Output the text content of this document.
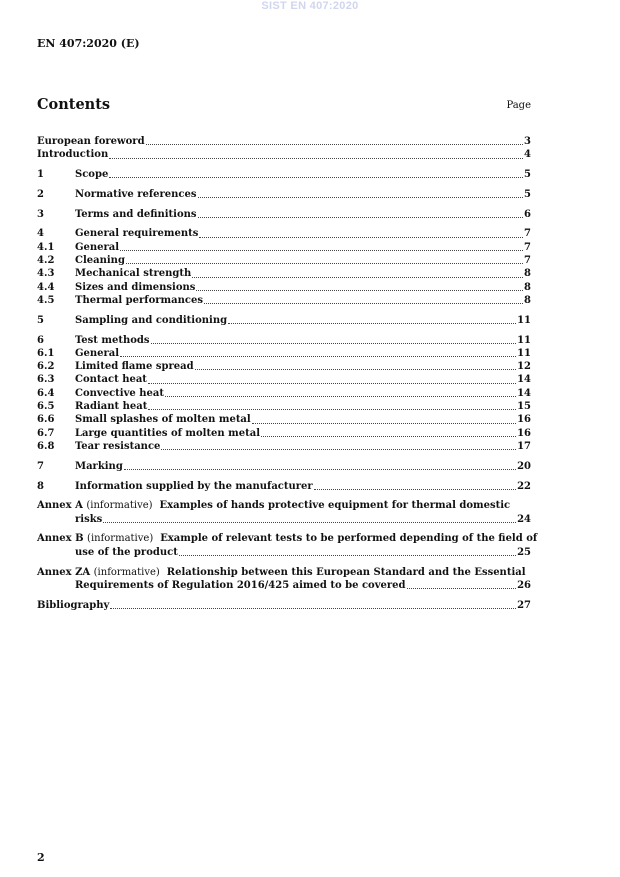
SIST EN 407:2020
EN 407:2020 (E)
Contents	Page
European foreword	3
Introduction	4
1	Scope	5
2	Normative references	5
3	Terms and definitions	6
4	General requirements	7
4.1	General	7
4.2	Cleaning	7
4.3	Mechanical strength	8
4.4	Sizes and dimensions	8
4.5	Thermal performances	8
5	Sampling and conditioning	11
6	Test methods	11
6.1	General	11
6.2	Limited flame spread	12
6.3	Contact heat	14
6.4	Convective heat	14
6.5	Radiant heat	15
6.6	Small splashes of molten metal	16
6.7	Large quantities of molten metal	16
6.8	Tear resistance	17
7	Marking	20
8	Information supplied by the manufacturer	22
Annex A (informative) Examples of hands protective equipment for thermal domestic
risks	24
Annex B (informative) Example of relevant tests to be performed depending of the field of
use of the product	25
Annex ZA (informative) Relationship between this European Standard and the Essential
Requirements of Regulation 2016/425 aimed to be covered	26
Bibliography	27
2
